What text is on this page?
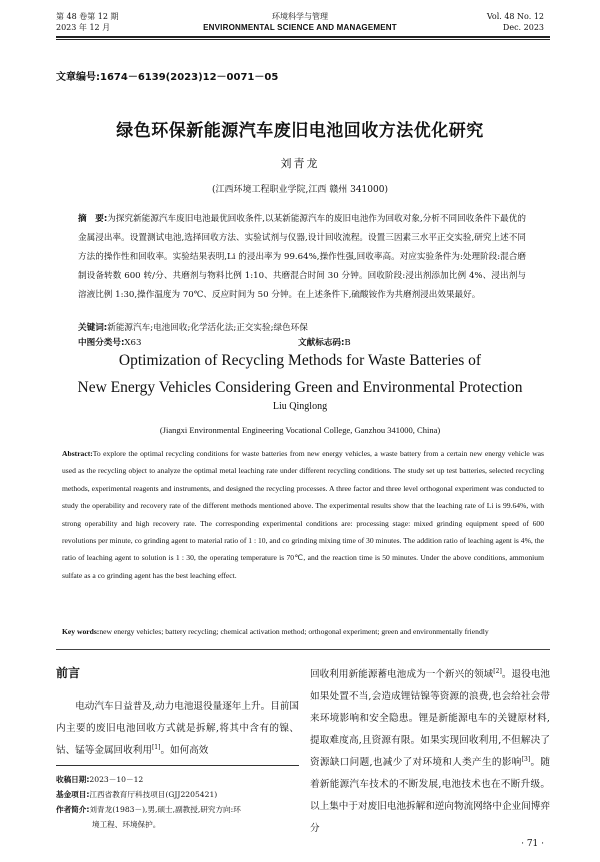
第 48 卷第 12 期
2023 年 12 月
环境科学与管理
ENVIRONMENTAL SCIENCE AND MANAGEMENT
Vol. 48 No. 12
Dec. 2023
文章编号:1674－6139(2023)12－0071－05
绿色环保新能源汽车废旧电池回收方法优化研究
刘青龙
(江西环境工程职业学院,江西 赣州 341000)
摘　要:为探究新能源汽车废旧电池最优回收条件,以某新能源汽车的废旧电池作为回收对象,分析不同回收条件下最优的金属浸出率。设置测试电池,选择回收方法、实验试剂与仪器,设计回收流程。设置三因素三水平正交实验,研究上述不同方法的操作性和回收率。实验结果表明,Li 的浸出率为 99.64%,操作性强,回收率高。对应实验条件为:处理阶段:混合磨制设备转数 600 转/分、共磨剂与物料比例 1:10、共磨混合时间 30 分钟。回收阶段:浸出剂添加比例 4%、浸出剂与溶液比例 1:30,操作温度为 70℃、反应时间为 50 分钟。在上述条件下,硫酸铵作为共磨剂浸出效果最好。
关键词:新能源汽车;电池回收;化学活化法;正交实验;绿色环保
中图分类号:X63	文献标志码:B
Optimization of Recycling Methods for Waste Batteries of
New Energy Vehicles Considering Green and Environmental Protection
Liu Qinglong
(Jiangxi Environmental Engineering Vocational College, Ganzhou 341000, China)
Abstract:To explore the optimal recycling conditions for waste batteries from new energy vehicles, a waste battery from a certain new energy vehicle was used as the recycling object to analyze the optimal metal leaching rate under different recycling conditions. The study set up test batteries, selected recycling methods, experimental reagents and instruments, and designed the recycling processes. A three factor and three level orthogonal experiment was conducted to study the operability and recovery rate of the different methods mentioned above. The experimental results show that the leaching rate of Li is 99.64%, with strong operability and high recovery rate. The corresponding experimental conditions are: processing stage: mixed grinding equipment speed of 600 revolutions per minute, co grinding agent to material ratio of 1 : 10, and co grinding mixing time of 30 minutes. The addition ratio of leaching agent is 4%, the ratio of leaching agent to solution is 1 : 30, the operating temperature is 70℃, and the reaction time is 50 minutes. Under the above conditions, ammonium sulfate as a co grinding agent has the best leaching effect.
Key words:new energy vehicles; battery recycling; chemical activation method; orthogonal experiment; green and environmentally friendly
前言
电动汽车日益普及,动力电池退役量逐年上升。目前国内主要的废旧电池回收方式就是拆解,将其中含有的镍、钴、锰等金属回收利用[1]。如何高效
收稿日期:2023－10－12
基金项目:江西省教育厅科技项目(GJJ2205421)
作者简介:刘青龙(1983－),男,硕士,副教授,研究方向:环
境工程、环境保护。
回收利用新能源蓄电池成为一个新兴的领域[2]。退役电池如果处置不当,会造成锂钴镍等资源的浪费,也会给社会带来环境影响和安全隐患。锂是新能源电车的关键原材料,提取难度高,且资源有限。如果实现回收利用,不但解决了资源缺口问题,也减少了对环境和人类产生的影响[3]。随着新能源汽车技术的不断发展,电池技术也在不断升级。以上集中于对废旧电池拆解和逆向物流网络中企业间博弈分
· 71 ·
